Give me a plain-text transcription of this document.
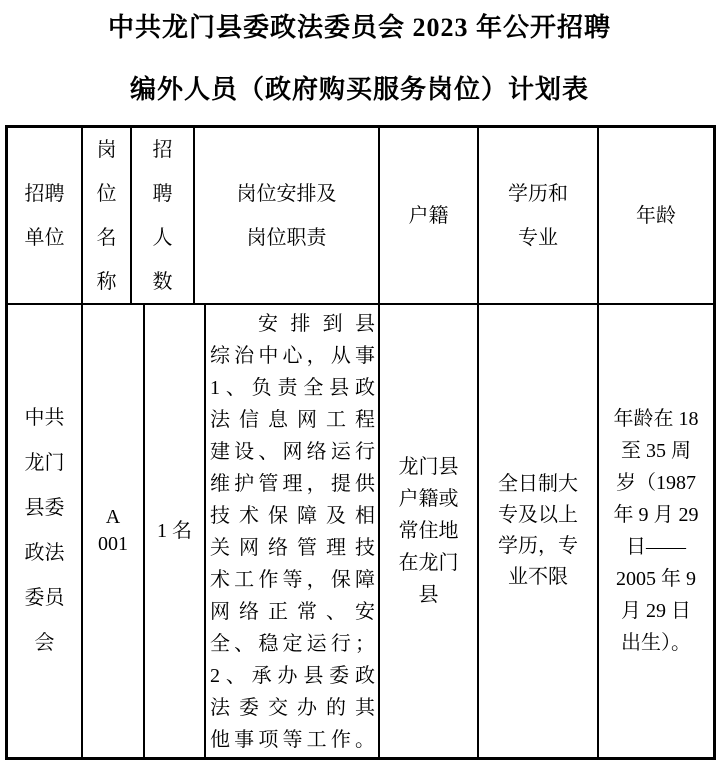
中共龙门县委政法委员会 2023 年公开招聘
编外人员（政府购买服务岗位）计划表
招聘
单位
岗
位
名
称
招
聘
人
数
岗位安排及
岗位职责
户籍
学历和
专业
年龄
中共
龙门
县委
政法
委员
会
A
001
1 名
安排到县
综治中心，从事
1、负责全县政
法信息网工程
建设、网络运行
维护管理，提供
技术保障及相
关网络管理技
术工作等，保障
网络正常、安
全、稳定运行；
2、承办县委政
法委交办的其
他事项等工作。
龙门县
户籍或
常住地
在龙门
县
全日制大
专及以上
学历，专
业不限
年龄在 18
至 35 周
岁（1987
年 9 月 29
日——
2005 年 9
月 29 日
出生）。
